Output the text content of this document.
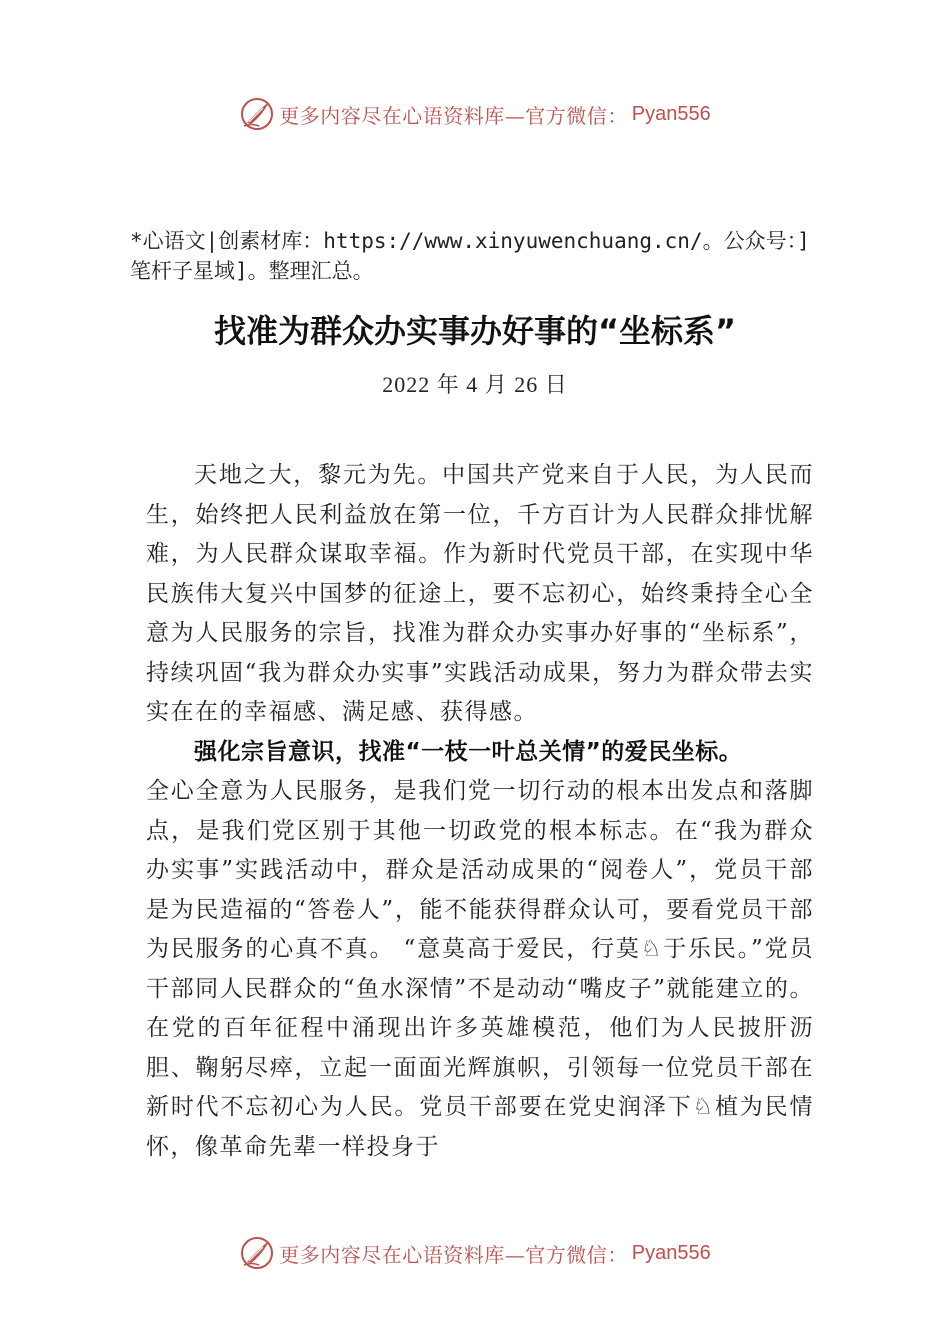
更多内容尽在心语资料库—官方微信： Pyan556
*心语文|创素材库：https://www.xinyuwenchuang.cn/。公众号：]笔杆子星域]。整理汇总。
找准为群众办实事办好事的“坐标系”
2022 年 4 月 26 日

天地之大，黎元为先。中国共产党来自于人民，为人民而生，始终把人民利益放在第一位，千方百计为人民群众排忧解难，为人民群众谋取幸福。作为新时代党员干部，在实现中华民族伟大复兴中国梦的征途上，要不忘初心，始终秉持全心全意为人民服务的宗旨，找准为群众办实事办好事的“坐标系”，持续巩固“我为群众办实事”实践活动成果，努力为群众带去实实在在的幸福感、满足感、获得感。

强化宗旨意识，找准“一枝一叶总关情”的爱民坐标。

全心全意为人民服务，是我们党一切行动的根本出发点和落脚点，是我们党区别于其他一切政党的根本标志。在“我为群众办实事”实践活动中，群众是活动成果的“阅卷人”，党员干部是为民造福的“答卷人”，能不能获得群众认可，要看党员干部为民服务的心真不真。 “意莫高于爱民，行莫♘于乐民。”党员干部同人民群众的“鱼水深情”不是动动“嘴皮子”就能建立的。在党的百年征程中涌现出许多英雄模范，他们为人民披肝沥胆、鞠躬尽瘁，立起一面面光辉旗帜，引领每一位党员干部在新时代不忘初心为人民。党员干部要在党史润泽下♘植为民情怀，像革命先辈一样投身于

更多内容尽在心语资料库—官方微信： Pyan556
